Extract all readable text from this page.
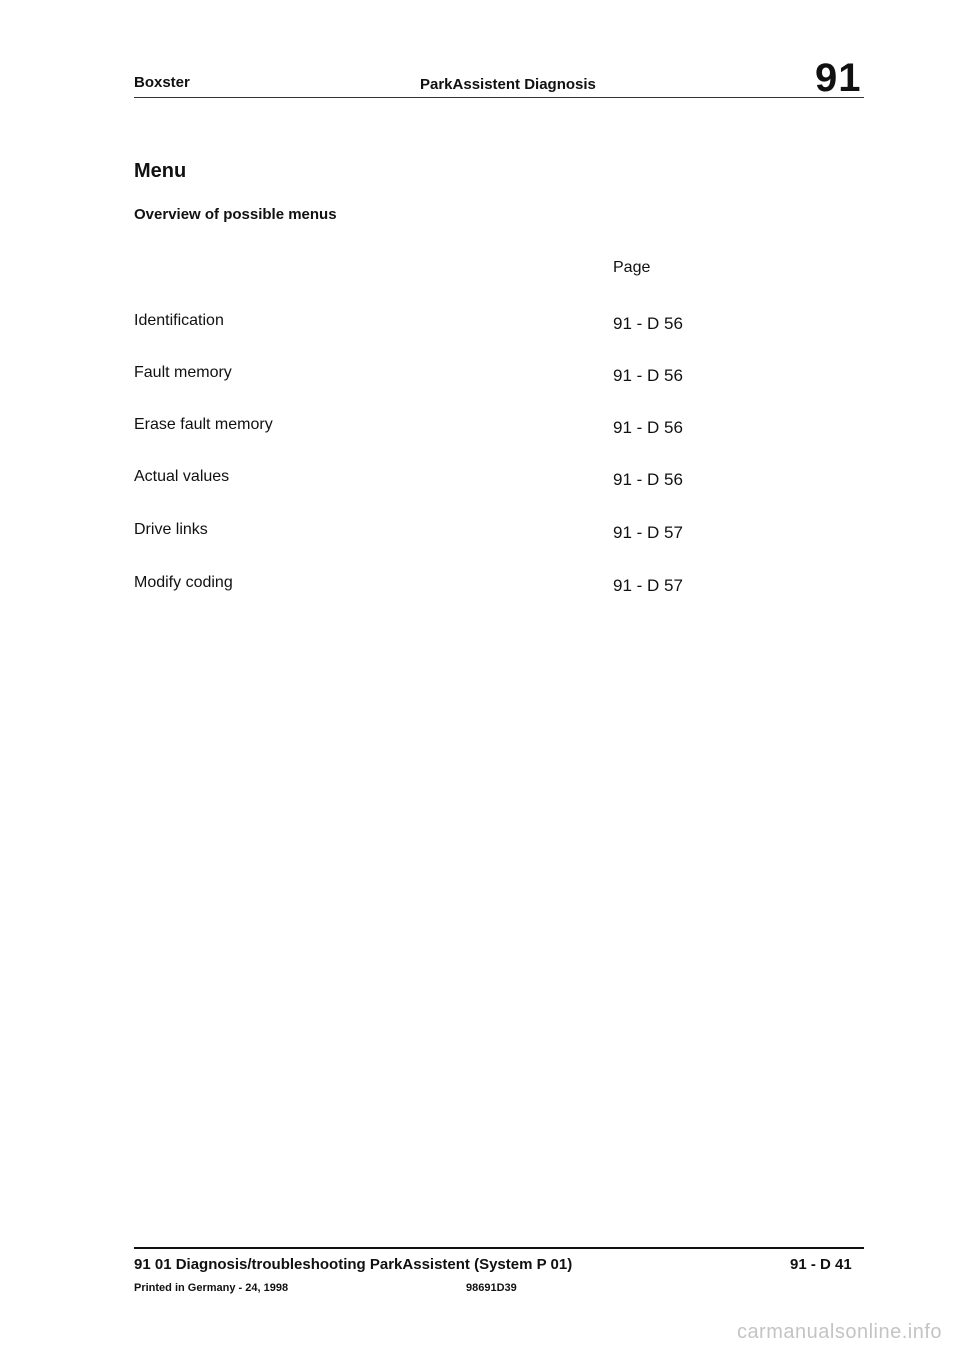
Boxster	ParkAssistent Diagnosis	91
Menu
Overview of possible menus
Page
Identification	91 - D 56
Fault memory	91 - D 56
Erase fault memory	91 - D 56
Actual values	91 - D 56
Drive links	91 - D 57
Modify coding	91 - D 57
91 01 Diagnosis/troubleshooting ParkAssistent (System P 01)	91 - D 41
Printed in Germany - 24, 1998	98691D39
carmanualsonline.info
